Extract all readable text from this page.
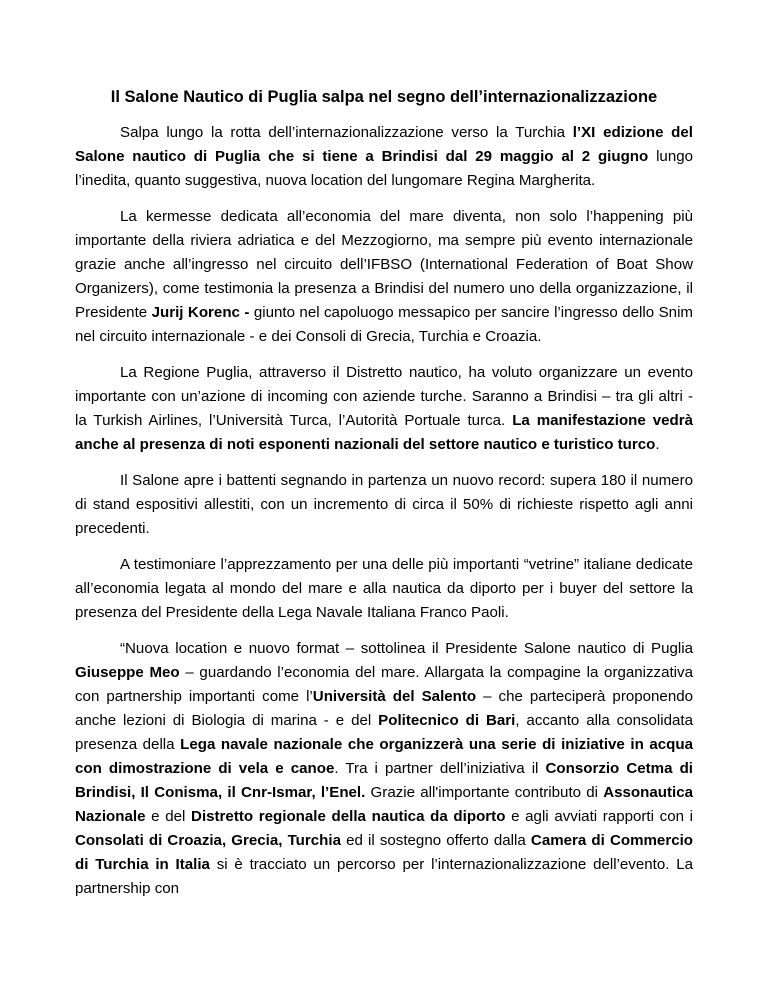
Il Salone Nautico di Puglia salpa nel segno dell’internazionalizzazione

Salpa lungo la rotta dell’internazionalizzazione verso la Turchia l’XI edizione del Salone nautico di Puglia che si tiene a Brindisi dal 29 maggio al 2 giugno lungo l’inedita, quanto suggestiva, nuova location del lungomare Regina Margherita.

La kermesse dedicata all’economia del mare diventa, non solo l’happening più importante della riviera adriatica e del Mezzogiorno, ma sempre più evento internazionale grazie anche all’ingresso nel circuito dell’IFBSO (International Federation of Boat Show Organizers), come testimonia la presenza a Brindisi del numero uno della organizzazione, il Presidente Jurij Korenc - giunto nel capoluogo messapico per sancire l’ingresso dello Snim nel circuito internazionale - e dei Consoli di Grecia, Turchia e Croazia.

La Regione Puglia, attraverso il Distretto nautico, ha voluto organizzare un evento importante con un’azione di incoming con aziende turche. Saranno a Brindisi – tra gli altri - la Turkish Airlines, l’Università Turca, l’Autorità Portuale turca. La manifestazione vedrà anche al presenza di noti esponenti nazionali del settore nautico e turistico turco.

Il Salone apre i battenti segnando in partenza un nuovo record: supera 180 il numero di stand espositivi allestiti, con un incremento di circa il 50% di richieste rispetto agli anni precedenti.

A testimoniare l’apprezzamento per una delle più importanti “vetrine” italiane dedicate all’economia legata al mondo del mare e alla nautica da diporto per i buyer del settore la presenza del Presidente della Lega Navale Italiana Franco Paoli.

“Nuova location e nuovo format – sottolinea il Presidente Salone nautico di Puglia Giuseppe Meo – guardando l’economia del mare. Allargata la compagine la organizzativa con partnership importanti come l’Università del Salento – che parteciperà proponendo anche lezioni di Biologia di marina - e del Politecnico di Bari, accanto alla consolidata presenza della Lega navale nazionale che organizzerà una serie di iniziative in acqua con dimostrazione di vela e canoe. Tra i partner dell’iniziativa il Consorzio Cetma di Brindisi, Il Conisma, il Cnr-Ismar, l’Enel. Grazie all'importante contributo di Assonautica Nazionale e del Distretto regionale della nautica da diporto e agli avviati rapporti con i Consolati di Croazia, Grecia, Turchia ed il sostegno offerto dalla Camera di Commercio di Turchia in Italia si è tracciato un percorso per l’internazionalizzazione dell’evento. La partnership con
